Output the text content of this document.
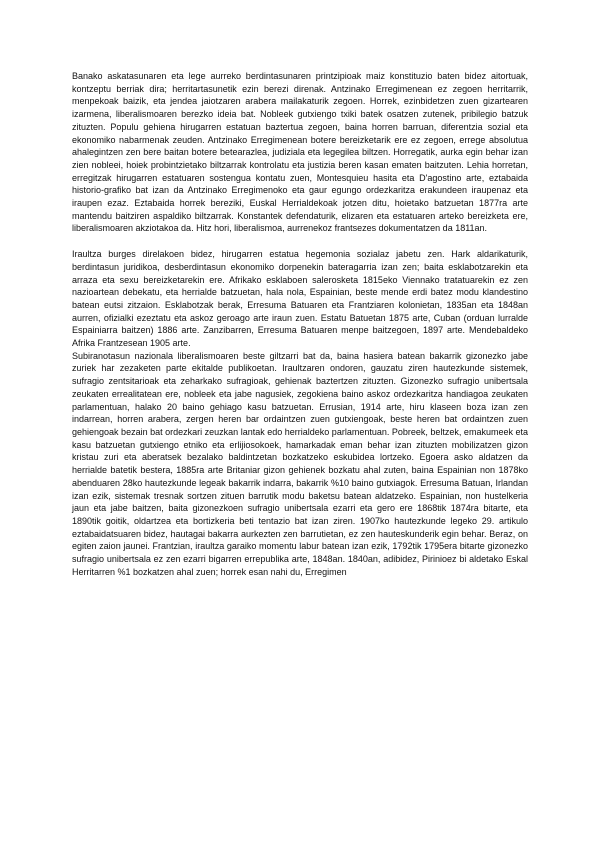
Banako askatasunaren eta lege aurreko berdintasunaren printzipioak maiz konstituzio baten bidez aitortuak, kontzeptu berriak dira; herritartasunetik ezin berezi direnak. Antzinako Erregimenean ez zegoen herritarrik, menpekoak baizik, eta jendea jaiotzaren arabera mailakaturik zegoen. Horrek, ezinbidetzen zuen gizartearen izarmena, liberalismoaren berezko ideia bat. Nobleek gutxiengo txiki batek osatzen zutenek, pribilegio batzuk zituzten. Populu gehiena hirugarren estatuan baztertua zegoen, baina horren barruan, diferentzia sozial eta ekonomiko nabarmenak zeuden. Antzinako Erregimenean botere bereizketarik ere ez zegoen, errege absolutua ahalegintzen zen bere baitan botere betearazlea, judiziala eta legegilea biltzen. Horregatik, aurka egin behar izan zien nobleei, hoiek probintzietako biltzarrak kontrolatu eta justizia beren kasan ematen baitzuten. Lehia horretan, erregitzak hirugarren estatuaren sostengua kontatu zuen, Montesquieu hasita eta D'agostino arte, eztabaida historio-grafiko bat izan da Antzinako Erregimenoko eta gaur egungo ordezkaritza erakundeen iraupenaz eta iraupen ezaz. Eztabaida horrek bereziki, Euskal Herrialdekoak jotzen ditu, hoietako batzuetan 1877ra arte mantendu baitziren aspaldiko biltzarrak. Konstantek defendaturik, elizaren eta estatuaren arteko bereizketa ere, liberalismoaren akziotakoa da. Hitz hori, liberalismoa, aurrenekoz frantsezes dokumentatzen da 1811an.

Iraultza burges direlakoen bidez, hirugarren estatua hegemonia sozialaz jabetu zen. Hark aldarikaturik, berdintasun juridikoa, desberdintasun ekonomiko dorpenekin bateragarria izan zen; baita esklabotzarekin eta arraza eta sexu bereizketarekin ere. Afrikako esklaboen salerosketa 1815eko Viennako tratatuarekin ez zen nazioartean debekatu, eta herrialde batzuetan, hala nola, Espainian, beste mende erdi batez modu klandestino batean eutsi zitzaion. Esklabotzak berak, Erresuma Batuaren eta Frantziaren kolonietan, 1835an eta 1848an aurren, ofizialki ezeztatu eta askoz geroago arte iraun zuen. Estatu Batuetan 1875 arte, Cuban (orduan lurralde Espainiarra baitzen) 1886 arte. Zanzibarren, Erresuma Batuaren menpe baitzegoen, 1897 arte. Mendebaldeko Afrika Frantzesean 1905 arte.

Subiranotasun nazionala liberalismoaren beste giltzarri bat da, baina hasiera batean bakarrik gizonezko jabe zuriek har zezaketen parte ekitalde publikoetan. Iraultzaren ondoren, gauzatu ziren hautezkunde sistemek, sufragio zentsitarioak eta zeharkako sufragioak, gehienak baztertzen zituzten. Gizonezko sufragio unibertsala zeukaten errealitatean ere, nobleek eta jabe nagusiek, zegokiena baino askoz ordezkaritza handiagoa zeukaten parlamentuan, halako 20 baino gehiago kasu batzuetan. Errusian, 1914 arte, hiru klaseen boza izan zen indarrean, horren arabera, zergen heren bar ordaintzen zuen gutxiengoak, beste heren bat ordaintzen zuen gehiengoak bezain bat ordezkari zeuzkan lantak edo herrialdeko parlamentuan. Pobreek, beltzek, emakumeek eta kasu batzuetan gutxiengo etniko eta erlijiosokoek, hamarkadak eman behar izan zituzten mobilizatzen gizon kristau zuri eta aberatsek bezalako baldintzetan bozkatzeko eskubidea lortzeko. Egoera asko aldatzen da herrialde batetik bestera, 1885ra arte Britaniar gizon gehienek bozkatu ahal zuten, baina Espainian non 1878ko abenduaren 28ko hautezkunde legeak bakarrik indarra, bakarrik %10 baino gutxiagok. Erresuma Batuan, Irlandan izan ezik, sistemak tresnak sortzen zituen barrutik modu baketsu batean aldatzeko. Espainian, non hustelkeria jaun eta jabe baitzen, baita gizonezkoen sufragio unibertsala ezarri eta gero ere 1868tik 1874ra bitarte, eta 1890tik goitik, oldartzea eta bortizkeria beti tentazio bat izan ziren. 1907ko hautezkunde legeko 29. artikulo eztabaidatsuaren bidez, hautagai bakarra aurkezten zen barrutietan, ez zen hauteskunderik egin behar. Beraz, on egiten zaion jaunei. Frantzian, iraultza garaiko momentu labur batean izan ezik, 1792tik 1795era bitarte gizonezko sufragio unibertsala ez zen ezarri bigarren errepublika arte, 1848an. 1840an, adibidez, Pirinioez bi aldetako Eskal Herritarren %1 bozkatzen ahal zuen; horrek esan nahi du, Erregimen
